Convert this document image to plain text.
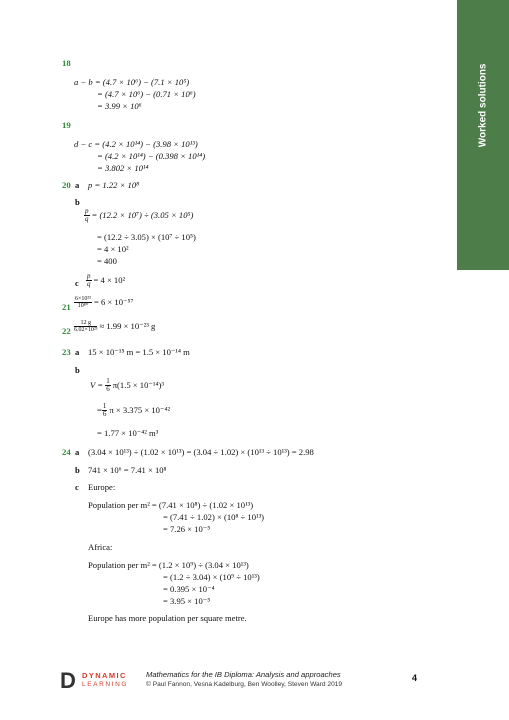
Worked solutions
18
a − b = (4.7 × 10⁶) − (7.1 × 10⁵)
= (4.7 × 10⁶) − (0.71 × 10⁶)
= 3.99 × 10⁶
19
d − c = (4.2 × 10¹⁴) − (3.98 × 10¹³)
= (4.2 × 10¹⁴) − (0.398 × 10¹⁴)
= 3.802 × 10¹⁴
20 a p = 1.22 × 10⁸
b
$\frac{p}{q} = (12.2 \times 10^7) \div (3.05 \times 10^5)$
= (12.2 ÷ 3.05) × (10⁷ ÷ 10⁵)
= 4 × 10²
= 400
c $\frac{p}{q} = 4 \times 10^2$
$21 \frac{\text{6×10²³}}{\text{10⁸⁰}} = 6 \times 10^{-57}$
$22 \frac{12 g}{\text{6.02×10²³}} \approx 1.99 \times 10^{-23}$ g
23 a 15 × 10⁻¹⁵ m = 1.5 × 10⁻¹⁴ m
b
$V = \frac{1}{6} \pi(1.5 \times 10^{-14})^3$
= $\frac{1}{6}$ π × 3.375 × 10⁻⁴²
= 1.77 × 10⁻⁴² m³
24 a (3.04 × 10¹³) ÷ (1.02 × 10¹³) = (3.04 ÷ 1.02) × (10¹³ ÷ 10¹³) = 2.98
b 741 × 10⁶ = 7.41 × 10⁸
c Europe:
Population per m² = (7.41 × 10⁸) ÷ (1.02 × 10¹³)
= (7.41 ÷ 1.02) × (10⁸ ÷ 10¹³)
= 7.26 × 10⁻⁵
Africa:
Population per m² = (1.2 × 10⁹) ÷ (3.04 × 10¹³)
= (1.2 ÷ 3.04) × (10⁹ ÷ 10¹³)
= 0.395 × 10⁻⁴
= 3.95 × 10⁻⁵
Europe has more population per square metre.
D DYNAMIC
LEARNING
Mathematics for the IB Diploma: Analysis and approaches
© Paul Fannon, Vesna Kadelburg, Ben Woolley, Steven Ward 2019
4
